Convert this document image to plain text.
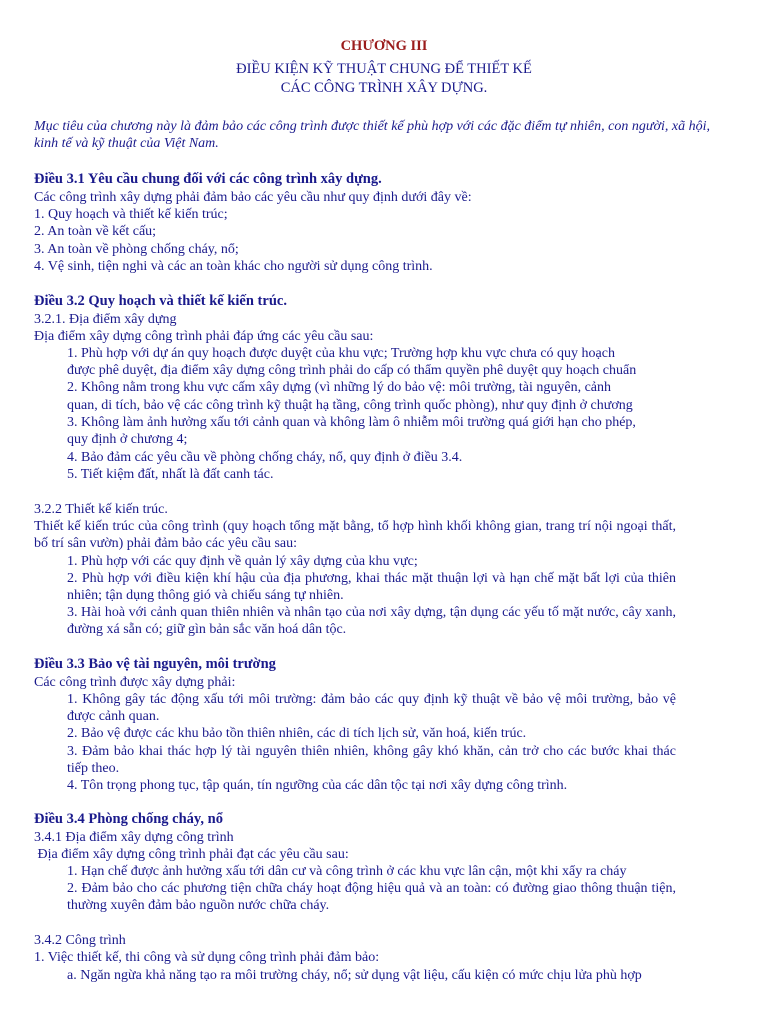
CHƯƠNG III

ĐIỀU KIỆN KỸ THUẬT CHUNG ĐỂ THIẾT KẾ

CÁC CÔNG TRÌNH XÂY DỰNG.

Mục tiêu của chương này là đảm bảo các công trình được thiết kế phù hợp với các đặc điểm tự nhiên, con người, xã hội, kinh tế và kỹ thuật của Việt Nam.

Điều 3.1 Yêu cầu chung đối với các công trình xây dựng.

Các công trình xây dựng phải đảm bảo các yêu cầu như quy định dưới đây về:

1. Quy hoạch và thiết kế kiến trúc;

2. An toàn về kết cấu;

3. An toàn về phòng chống cháy, nổ;

4. Vệ sinh, tiện nghi và các an toàn khác cho người sử dụng công trình.

Điều 3.2 Quy hoạch và thiết kế kiến trúc.

3.2.1. Địa điểm xây dựng

Địa điểm xây dựng công trình phải đáp ứng các yêu cầu sau:

1. Phù hợp với dự án quy hoạch được duyệt của khu vực; Trường hợp khu vực chưa có quy hoạch

được phê duyệt, địa điểm xây dựng công trình phải do cấp có thẩm quyền phê duyệt quy hoạch chuẩn

2. Không nằm trong khu vực cấm xây dựng (vì những lý do bảo vệ: môi trường, tài nguyên, cảnh

quan, di tích, bảo vệ các công trình kỹ thuật hạ tầng, công trình quốc phòng), như quy định ở chương

3. Không làm ảnh hưởng xấu tới cảnh quan và không làm ô nhiễm môi trường quá giới hạn cho phép,

quy định ở chương 4;

4. Bảo đảm các yêu cầu về phòng chống cháy, nổ, quy định ở điều 3.4.

5. Tiết kiệm đất, nhất là đất canh tác.

3.2.2 Thiết kế kiến trúc.

Thiết kế kiến trúc của công trình (quy hoạch tổng mặt bằng, tổ hợp hình khối không gian, trang trí nội ngoại thất, bố trí sân vườn) phải đảm bảo các yêu cầu sau:

1. Phù hợp với các quy định về quản lý xây dựng của khu vực;

2. Phù hợp với điều kiện khí hậu của địa phương, khai thác mặt thuận lợi và hạn chế mặt bất lợi của thiên nhiên; tận dụng thông gió và chiếu sáng tự nhiên.

3. Hài hoà với cảnh quan thiên nhiên và nhân tạo của nơi xây dựng, tận dụng các yếu tố mặt nước, cây xanh, đường xá sẵn có; giữ gìn bản sắc văn hoá dân tộc.

Điều 3.3 Bảo vệ tài nguyên, môi trường

Các công trình được xây dựng phải:

1. Không gây tác động xấu tới môi trường: đảm bảo các quy định kỹ thuật về bảo vệ môi trường, bảo vệ được cảnh quan.

2. Bảo vệ được các khu bảo tồn thiên nhiên, các di tích lịch sử, văn hoá, kiến trúc.

3. Đảm bảo khai thác hợp lý tài nguyên thiên nhiên, không gây khó khăn, cản trở cho các bước khai thác tiếp theo.

4. Tôn trọng phong tục, tập quán, tín ngưỡng của các dân tộc tại nơi xây dựng công trình.

Điều 3.4 Phòng chống cháy, nổ

3.4.1 Địa điểm xây dựng công trình

Địa điểm xây dựng công trình phải đạt các yêu cầu sau:

1. Hạn chế được ảnh hưởng xấu tới dân cư và công trình ở các khu vực lân cận, một khi xẩy ra cháy

2. Đảm bảo cho các phương tiện chữa cháy hoạt động hiệu quả và an toàn: có đường giao thông thuận tiện, thường xuyên đảm bảo nguồn nước chữa cháy.

3.4.2 Công trình

1. Việc thiết kế, thi công và sử dụng công trình phải đảm bảo:

a. Ngăn ngừa khả năng tạo ra môi trường cháy, nổ; sử dụng vật liệu, cấu kiện có mức chịu lửa phù hợp
